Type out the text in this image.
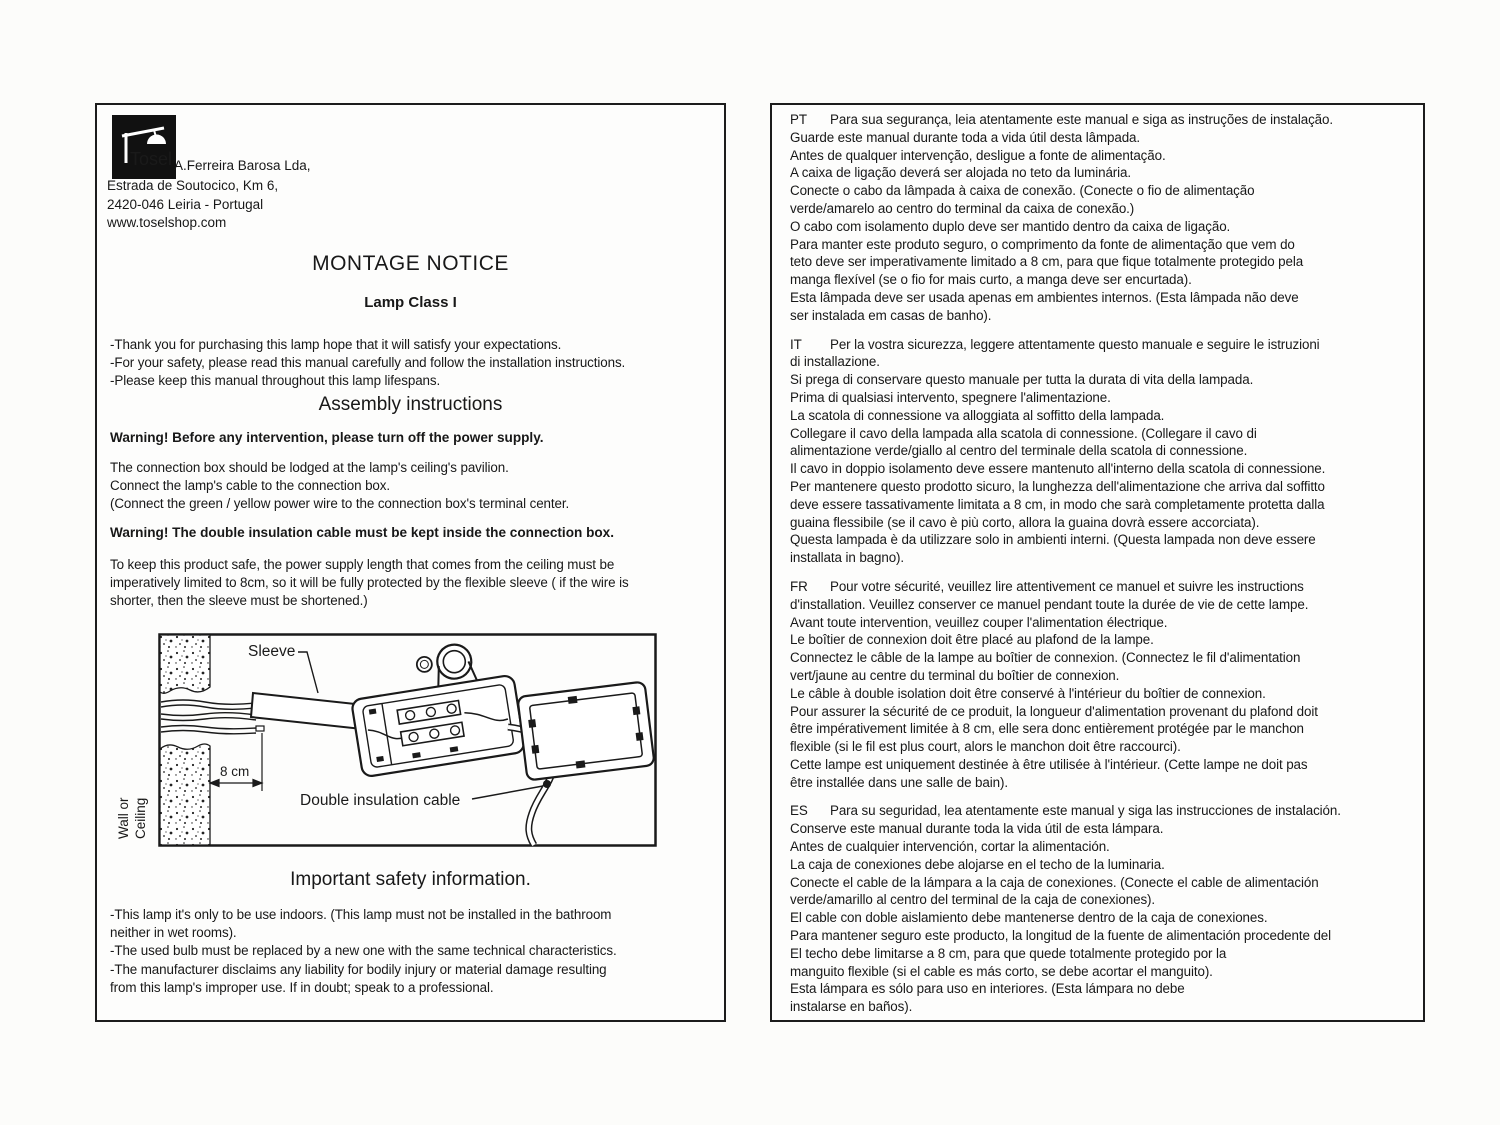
Tosel A.Ferreira Barosa Lda,
Estrada de Soutocico, Km 6,
2420-046 Leiria - Portugal
www.toselshop.com
MONTAGE NOTICE
Lamp Class I
-Thank you for purchasing this lamp hope that it will satisfy your expectations.
-For your safety, please read this manual carefully and follow the installation instructions.
-Please keep this manual throughout this lamp lifespans.
Assembly instructions
Warning! Before any intervention, please turn off the power supply.
The connection box should be lodged at the lamp's ceiling's pavilion.
Connect the lamp's cable to the connection box.
(Connect the green / yellow power wire to the connection box's terminal center.
Warning! The double insulation cable must be kept inside the connection box.
To keep this product safe, the power supply length that comes from the ceiling must be
imperatively limited to 8cm, so it will be fully protected by the flexible sleeve ( if the wire is
shorter, then the sleeve must be shortened.)
8 cm
Sleeve
Double insulation cable
Wall or Ceiling
Important safety information.
-This lamp it's only to be use indoors. (This lamp must not be installed in the bathroom
neither in wet rooms).
-The used bulb must be replaced by a new one with the same technical characteristics.
-The manufacturer disclaims any liability for bodily injury or material damage resulting
from this lamp's improper use. If in doubt; speak to a professional.
PT Para sua segurança, leia atentamente este manual e siga as instruções de instalação.
Guarde este manual durante toda a vida útil desta lâmpada.
Antes de qualquer intervenção, desligue a fonte de alimentação.
A caixa de ligação deverá ser alojada no teto da luminária.
Conecte o cabo da lâmpada à caixa de conexão. (Conecte o fio de alimentação
verde/amarelo ao centro do terminal da caixa de conexão.)
O cabo com isolamento duplo deve ser mantido dentro da caixa de ligação.
Para manter este produto seguro, o comprimento da fonte de alimentação que vem do
teto deve ser imperativamente limitado a 8 cm, para que fique totalmente protegido pela
manga flexível (se o fio for mais curto, a manga deve ser encurtada).
Esta lâmpada deve ser usada apenas em ambientes internos. (Esta lâmpada não deve
ser instalada em casas de banho).
IT Per la vostra sicurezza, leggere attentamente questo manuale e seguire le istruzioni
di installazione.
Si prega di conservare questo manuale per tutta la durata di vita della lampada.
Prima di qualsiasi intervento, spegnere l'alimentazione.
La scatola di connessione va alloggiata al soffitto della lampada.
Collegare il cavo della lampada alla scatola di connessione. (Collegare il cavo di
alimentazione verde/giallo al centro del terminale della scatola di connessione.
Il cavo in doppio isolamento deve essere mantenuto all'interno della scatola di connessione.
Per mantenere questo prodotto sicuro, la lunghezza dell'alimentazione che arriva dal soffitto
deve essere tassativamente limitata a 8 cm, in modo che sarà completamente protetta dalla
guaina flessibile (se il cavo è più corto, allora la guaina dovrà essere accorciata).
Questa lampada è da utilizzare solo in ambienti interni. (Questa lampada non deve essere
installata in bagno).
FR Pour votre sécurité, veuillez lire attentivement ce manuel et suivre les instructions
d'installation. Veuillez conserver ce manuel pendant toute la durée de vie de cette lampe.
Avant toute intervention, veuillez couper l'alimentation électrique.
Le boîtier de connexion doit être placé au plafond de la lampe.
Connectez le câble de la lampe au boîtier de connexion. (Connectez le fil d'alimentation
vert/jaune au centre du terminal du boîtier de connexion.
Le câble à double isolation doit être conservé à l'intérieur du boîtier de connexion.
Pour assurer la sécurité de ce produit, la longueur d'alimentation provenant du plafond doit
être impérativement limitée à 8 cm, elle sera donc entièrement protégée par le manchon
flexible (si le fil est plus court, alors le manchon doit être raccourci).
Cette lampe est uniquement destinée à être utilisée à l'intérieur. (Cette lampe ne doit pas
être installée dans une salle de bain).
ES Para su seguridad, lea atentamente este manual y siga las instrucciones de instalación.
Conserve este manual durante toda la vida útil de esta lámpara.
Antes de cualquier intervención, cortar la alimentación.
La caja de conexiones debe alojarse en el techo de la luminaria.
Conecte el cable de la lámpara a la caja de conexiones. (Conecte el cable de alimentación
verde/amarillo al centro del terminal de la caja de conexiones).
El cable con doble aislamiento debe mantenerse dentro de la caja de conexiones.
Para mantener seguro este producto, la longitud de la fuente de alimentación procedente del
El techo debe limitarse a 8 cm, para que quede totalmente protegido por la
manguito flexible (si el cable es más corto, se debe acortar el manguito).
Esta lámpara es sólo para uso en interiores. (Esta lámpara no debe
instalarse en baños).
